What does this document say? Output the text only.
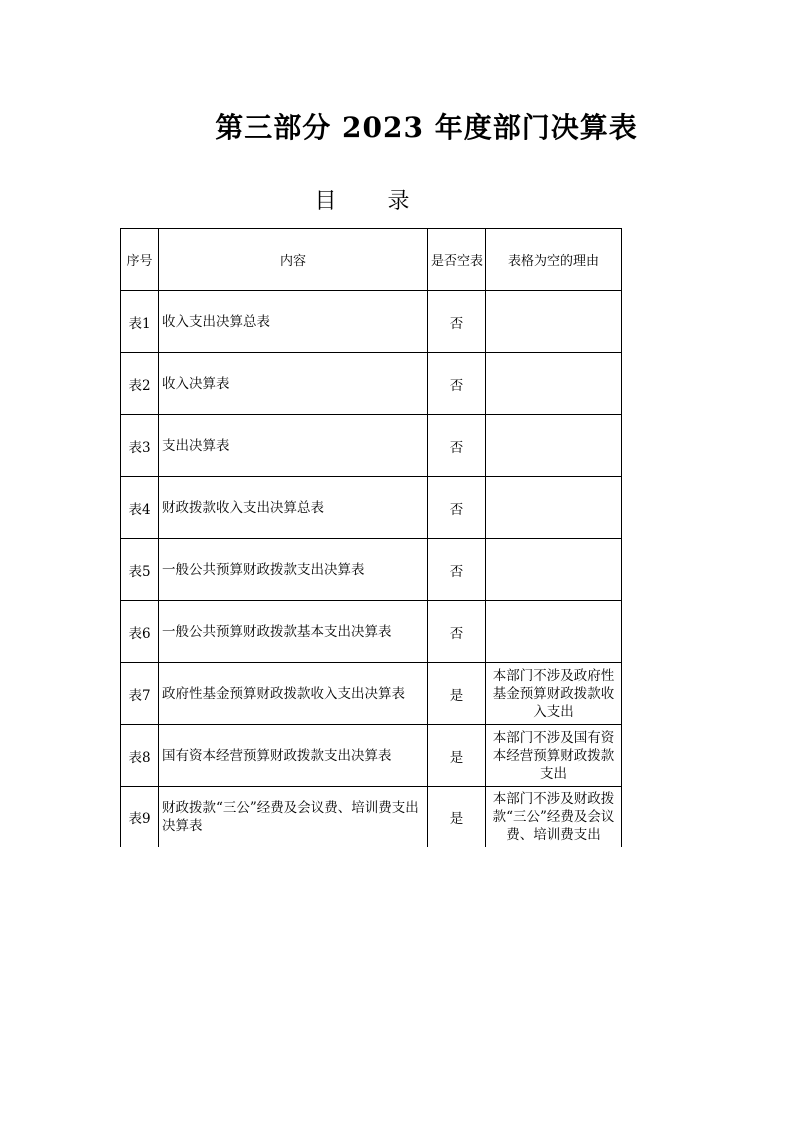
第三部分 2023 年度部门决算表
目 录
序号	内容	是否空表	表格为空的理由
表1	收入支出决算总表	否	
表2	收入决算表	否	
表3	支出决算表	否	
表4	财政拨款收入支出决算总表	否	
表5	一般公共预算财政拨款支出决算表	否	
表6	一般公共预算财政拨款基本支出决算表	否	
表7	政府性基金预算财政拨款收入支出决算表	是	本部门不涉及政府性基金预算财政拨款收入支出
表8	国有资本经营预算财政拨款支出决算表	是	本部门不涉及国有资本经营预算财政拨款支出
表9	财政拨款“三公”经费及会议费、培训费支出决算表	是	本部门不涉及财政拨款“三公”经费及会议费、培训费支出
